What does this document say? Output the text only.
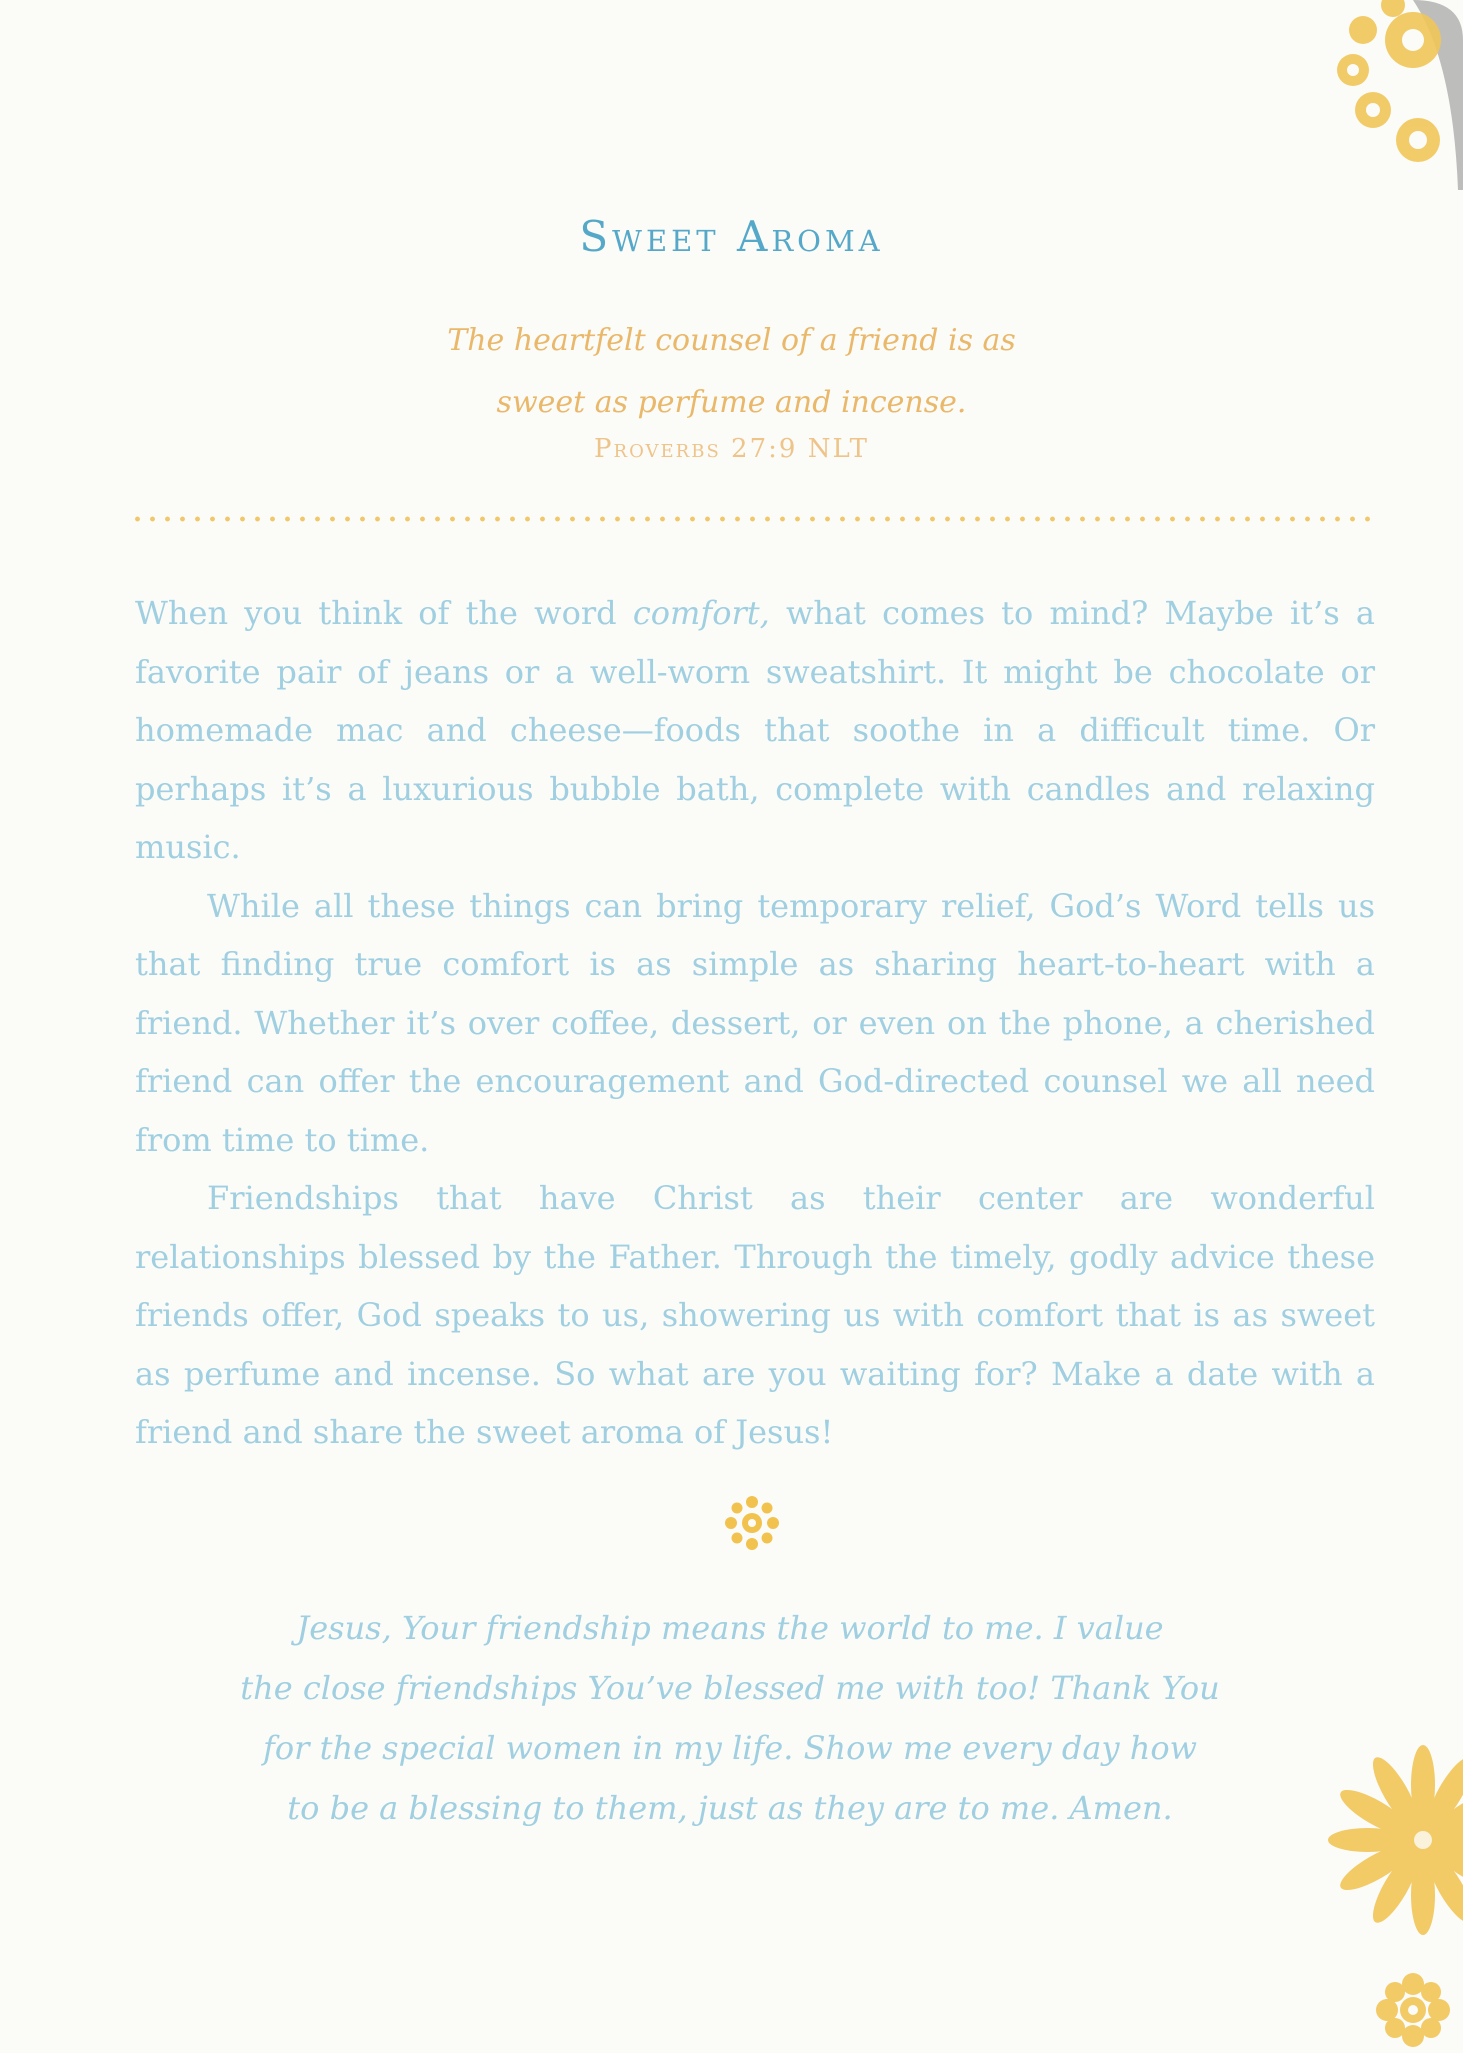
Sweet Aroma
The heartfelt counsel of a friend is as
sweet as perfume and incense.
Proverbs 27:9 NLT

When you think of the word comfort, what comes to mind? Maybe it’s a favorite pair of jeans or a well-worn sweatshirt. It might be chocolate or homemade mac and cheese—foods that soothe in a difficult time. Or perhaps it’s a luxurious bubble bath, complete with candles and relaxing music.

While all these things can bring temporary relief, God’s Word tells us that finding true comfort is as simple as sharing heart-to-heart with a friend. Whether it’s over coffee, dessert, or even on the phone, a cherished friend can offer the encouragement and God-directed counsel we all need from time to time.

Friendships that have Christ as their center are wonderful relationships blessed by the Father. Through the timely, godly advice these friends offer, God speaks to us, showering us with comfort that is as sweet as perfume and incense. So what are you waiting for? Make a date with a friend and share the sweet aroma of Jesus!

Jesus, Your friendship means the world to me. I value
the close friendships You’ve blessed me with too! Thank You
for the special women in my life. Show me every day how
to be a blessing to them, just as they are to me. Amen.
